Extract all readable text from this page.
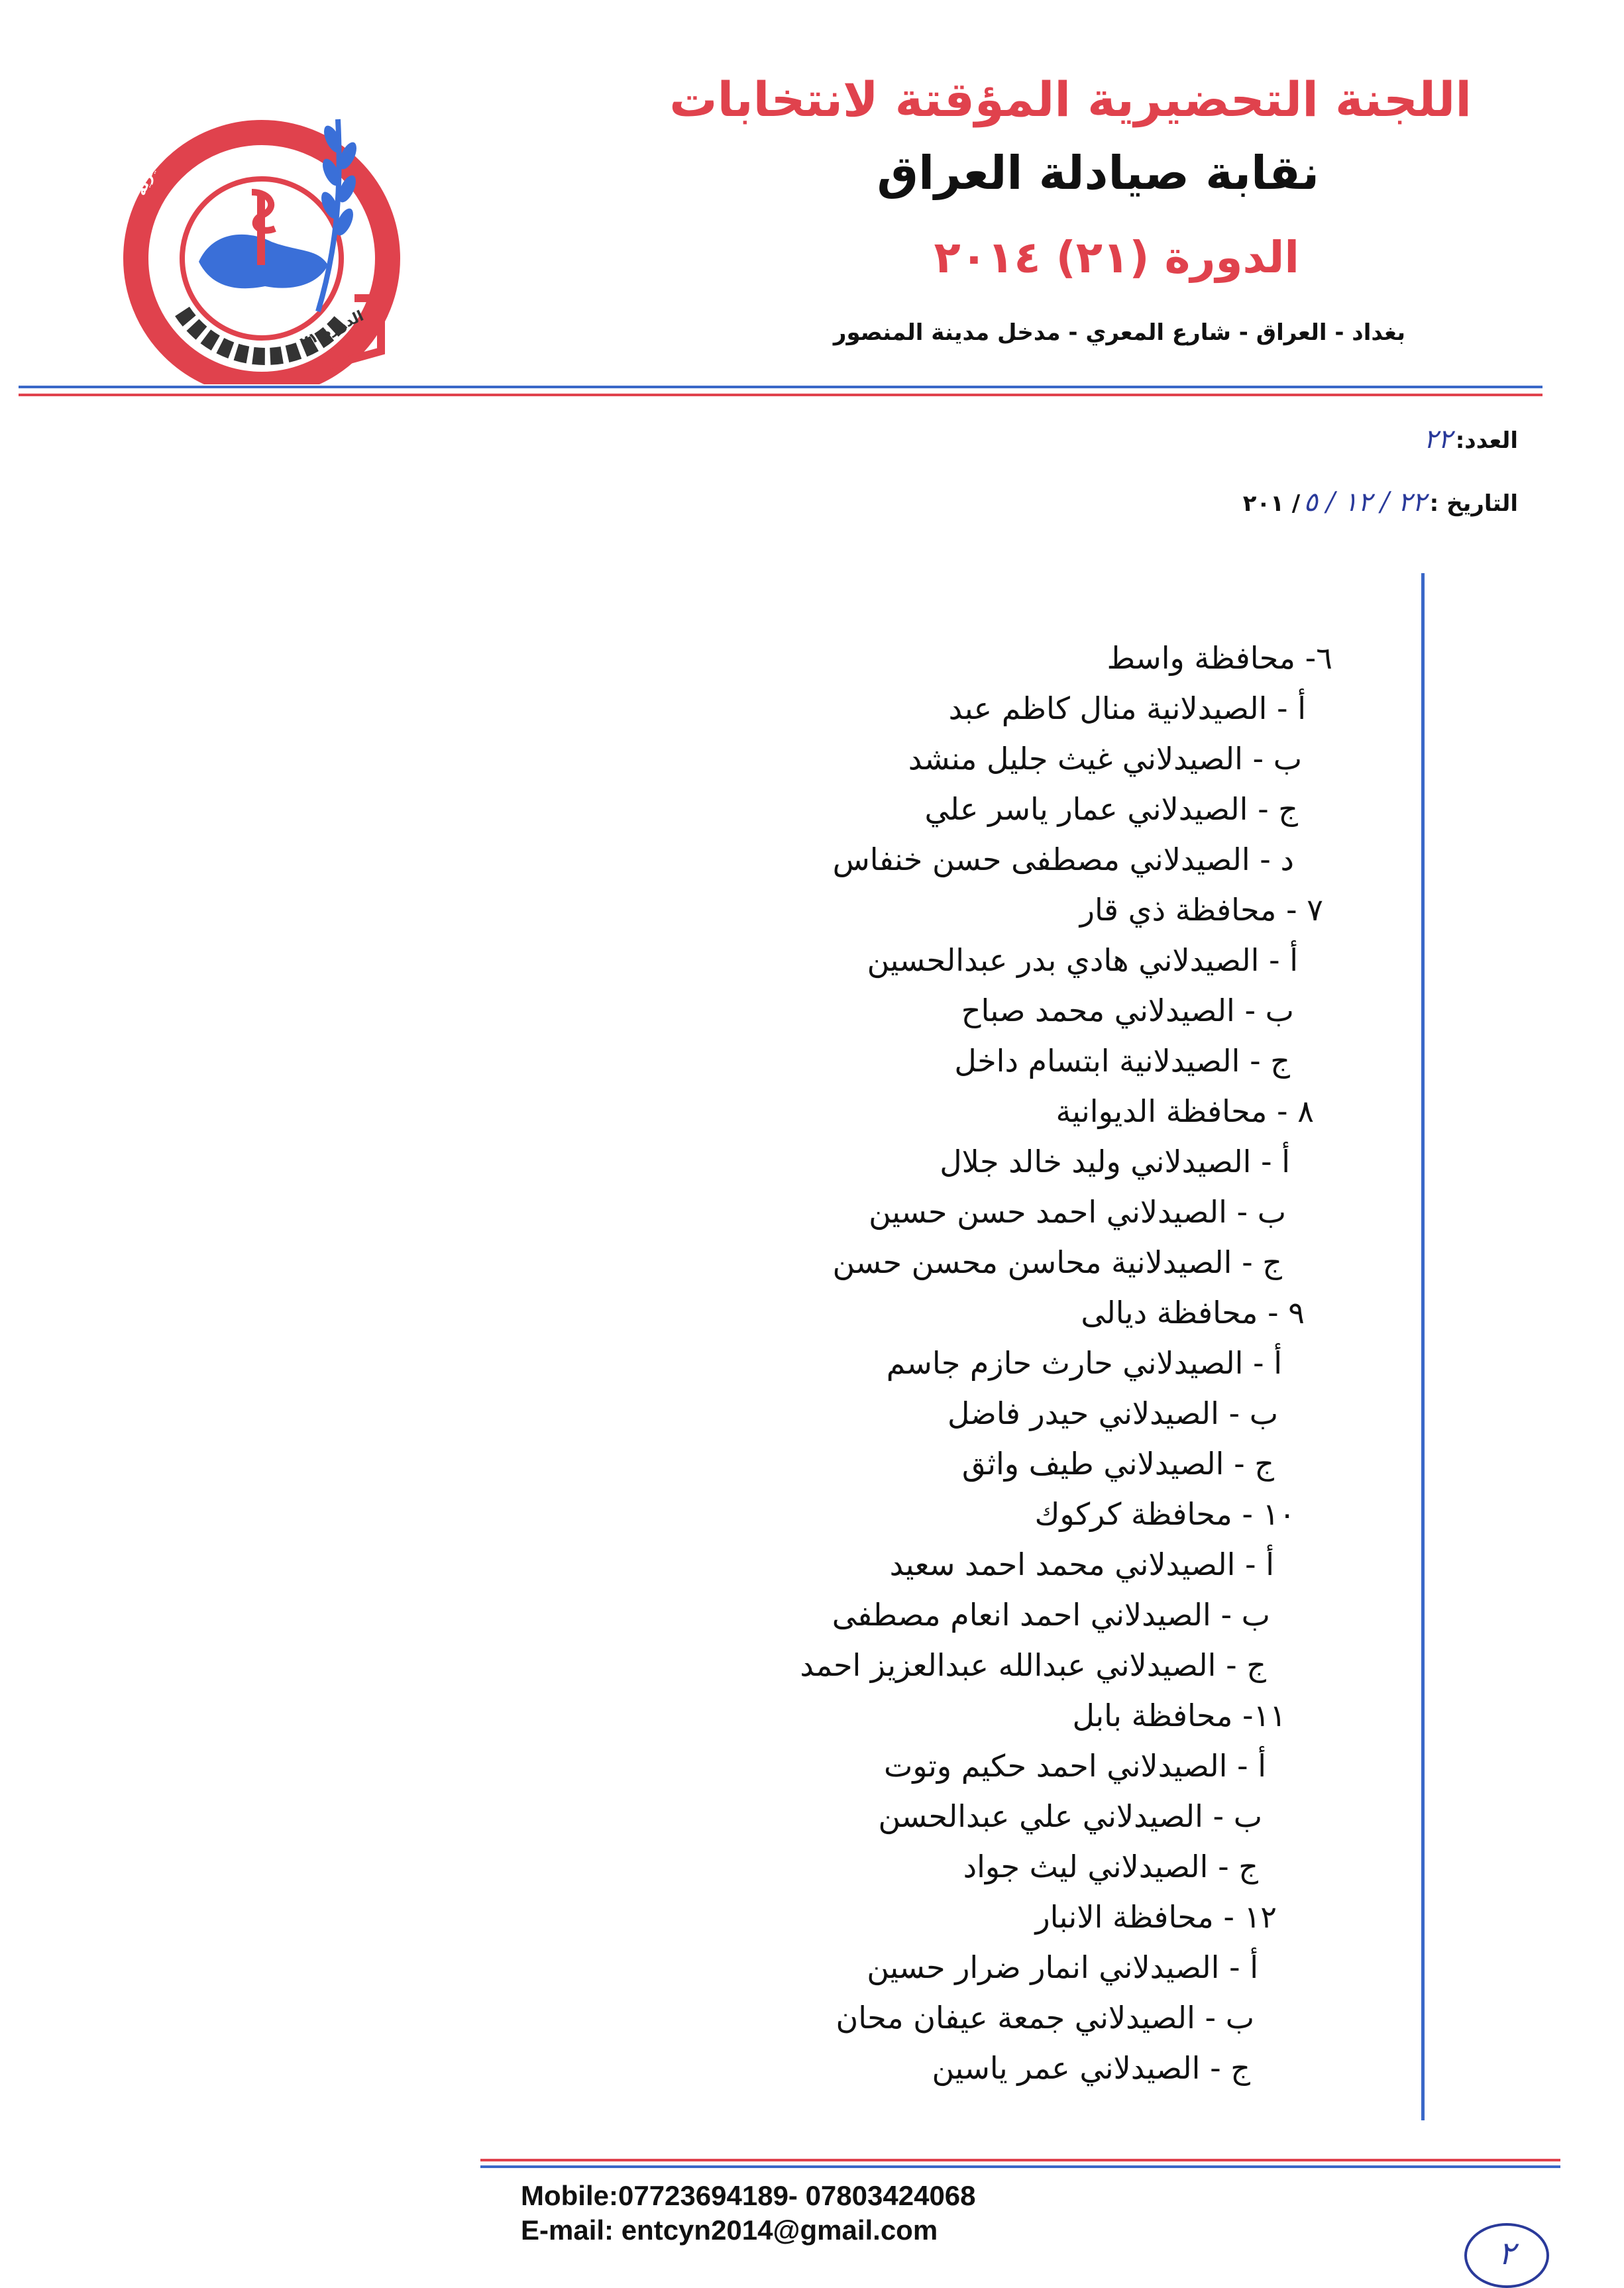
اللجنة التحضيرية
الدورة ٢١
اللجنة التحضيرية المؤقتة لانتخابات
نقابة صيادلة العراق
الدورة (٢١) ٢٠١٤
بغداد - العراق - شارع المعري - مدخل مدينة المنصور
العدد: ٢٢
التاريخ : ٢٢ / ١٢ / ٥ / ٢٠١
٦- محافظة واسط
أ - الصيدلانية منال كاظم عبد
ب - الصيدلاني غيث جليل منشد
ج - الصيدلاني عمار ياسر علي
د - الصيدلاني مصطفى حسن خنفاس
٧ - محافظة ذي قار
أ - الصيدلاني هادي بدر عبدالحسين
ب - الصيدلاني محمد صباح
ج - الصيدلانية ابتسام داخل
٨ - محافظة الديوانية
أ - الصيدلاني وليد خالد جلال
ب - الصيدلاني احمد حسن حسين
ج - الصيدلانية محاسن محسن حسن
٩ - محافظة ديالى
أ - الصيدلاني حارث حازم جاسم
ب - الصيدلاني حيدر فاضل
ج - الصيدلاني طيف واثق
١٠ - محافظة كركوك
أ - الصيدلاني محمد احمد سعيد
ب - الصيدلاني احمد انعام مصطفى
ج - الصيدلاني عبدالله عبدالعزيز احمد
١١- محافظة بابل
أ - الصيدلاني احمد حكيم وتوت
ب - الصيدلاني علي عبدالحسن
ج - الصيدلاني ليث جواد
١٢ - محافظة الانبار
أ - الصيدلاني انمار ضرار حسين
ب - الصيدلاني جمعة عيفان محان
ج - الصيدلاني عمر ياسين
Mobile:07723694189- 07803424068
E-mail: entcyn2014@gmail.com
٢
